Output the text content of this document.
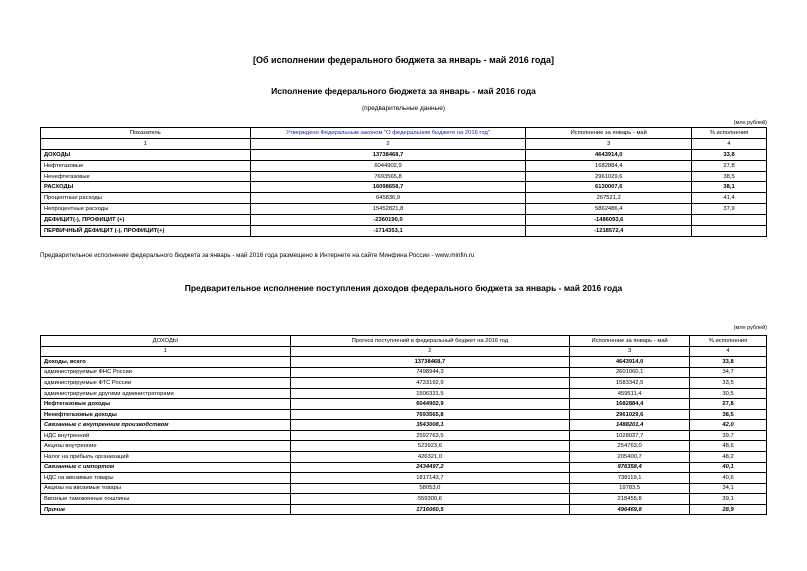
[Об исполнении федерального бюджета за январь - май 2016 года]
Исполнение федерального бюджета за январь - май 2016 года
(предварительные данные)
(млн рублей)
Показатель	Утверждено Федеральным законом "О федеральном бюджете на 2016 год"	Исполнение за январь - май	% исполнения
1	2	3	4
ДОХОДЫ	13738468,7	4643914,0	33,8
Нефтегазовые	6044902,9	1682884,4	27,8
Ненефтегазовые	7693565,8	2961029,6	38,5
РАСХОДЫ	16098658,7	6130007,6	38,1
Процентные расходы	645836,9	267521,2	41,4
Непроцентные расходы	15452821,8	5862486,4	37,9
ДЕФИЦИТ(-), ПРОФИЦИТ (+)	-2360190,0	-1486093,6	
ПЕРВИЧНЫЙ ДЕФИЦИТ (-), ПРОФИЦИТ(+)	-1714353,1	-1218572,4	
Предварительное исполнение федерального бюджета за январь - май 2016 года размещено в Интернете на сайте Минфина России - www.minfin.ru
Предварительное исполнение поступления доходов федерального бюджета за январь - май 2016 года
(млн рублей)
ДОХОДЫ	Прогноз поступлений в федеральный бюджет на 2016 год	Исполнение за январь - май	% исполнения
1	2	3	4
Доходы, всего	13738468,7	4643914,0	33,8
администрируемые ФНС России	7498944,3	2601060,1	34,7
администрируемые ФТС России	4733192,9	1583342,5	33,5
администрируемые другими администраторами	1506331,5	459511,4	30,5
Нефтегазовые доходы	6044902,9	1682884,4	27,8
Ненефтегазовые доходы	7693565,8	2961029,6	38,5
Связанные с внутренним производством	3543008,1	1488201,4	42,0
НДС внутренний	2592763,5	1028037,7	39,7
Акцизы внутренние	523923,6	254763,0	48,6
Налог на прибыль организаций	426321,0	205400,7	48,2
Связанные с импортом	2434497,2	976358,4	40,1
НДС на ввозимые товары	1817143,7	738119,1	40,6
Акцизы на ввозимые товары	58053,0	19783,5	34,1
Ввозные таможенные пошлины	559300,6	218455,8	39,1
Прочие	1716060,5	496469,8	28,9
